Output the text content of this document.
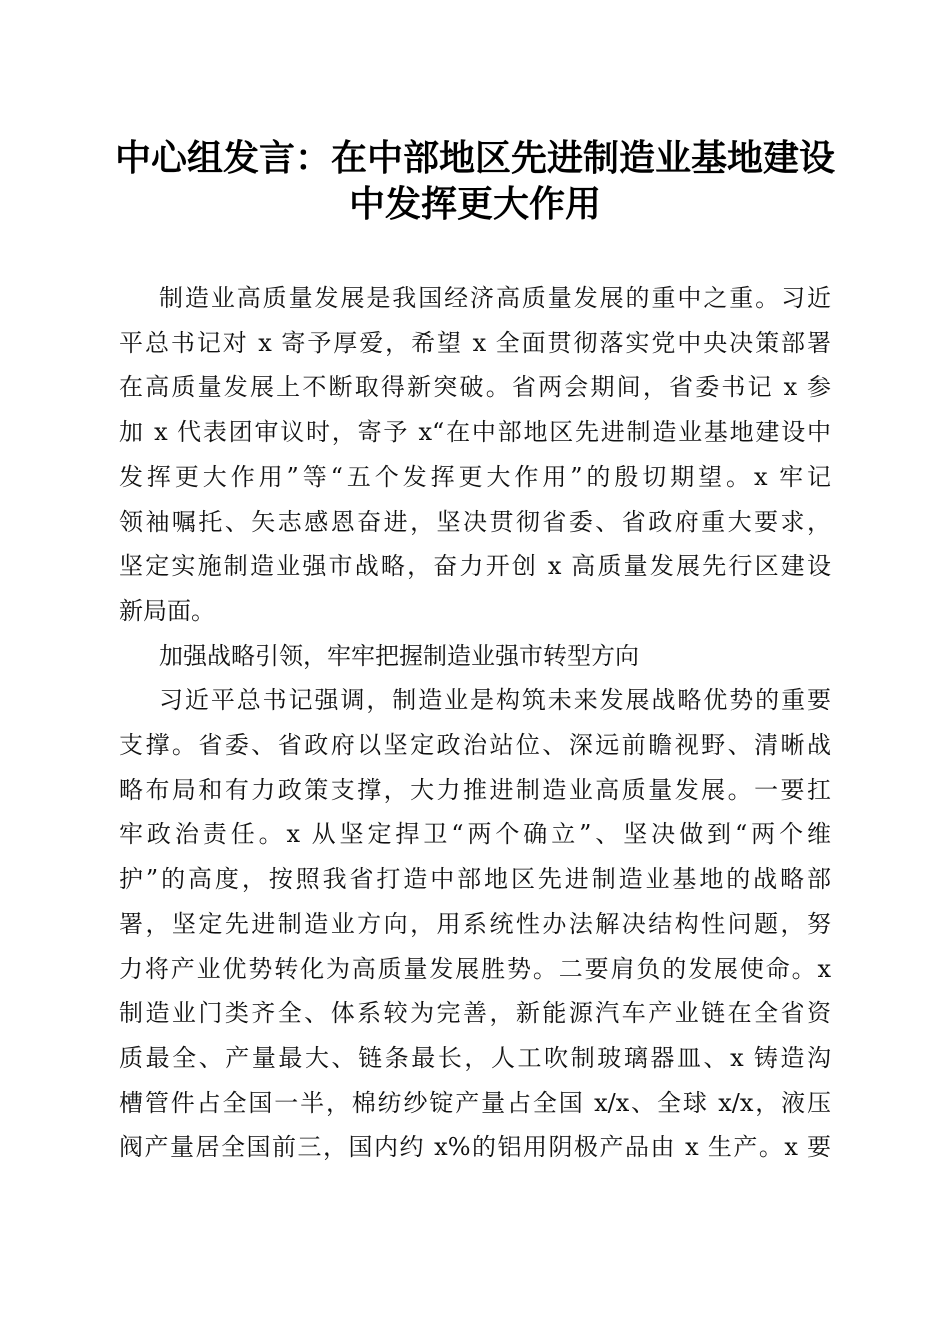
中心组发言：在中部地区先进制造业基地建设
中发挥更大作用
制造业高质量发展是我国经济高质量发展的重中之重。习近
平总书记对 x 寄予厚爱，希望 x 全面贯彻落实党中央决策部署
在高质量发展上不断取得新突破。省两会期间，省委书记 x 参
加 x 代表团审议时，寄予 x“在中部地区先进制造业基地建设中
发挥更大作用”等“五个发挥更大作用”的殷切期望。x 牢记
领袖嘱托、矢志感恩奋进，坚决贯彻省委、省政府重大要求，
坚定实施制造业强市战略，奋力开创 x 高质量发展先行区建设
新局面。
加强战略引领，牢牢把握制造业强市转型方向
习近平总书记强调，制造业是构筑未来发展战略优势的重要
支撑。省委、省政府以坚定政治站位、深远前瞻视野、清晰战
略布局和有力政策支撑，大力推进制造业高质量发展。一要扛
牢政治责任。x 从坚定捍卫“两个确立”、坚决做到“两个维
护”的高度，按照我省打造中部地区先进制造业基地的战略部
署，坚定先进制造业方向，用系统性办法解决结构性问题，努
力将产业优势转化为高质量发展胜势。二要肩负的发展使命。x
制造业门类齐全、体系较为完善，新能源汽车产业链在全省资
质最全、产量最大、链条最长，人工吹制玻璃器皿、x 铸造沟
槽管件占全国一半，棉纺纱锭产量占全国 x/x、全球 x/x，液压
阀产量居全国前三，国内约 x%的铝用阴极产品由 x 生产。x 要
